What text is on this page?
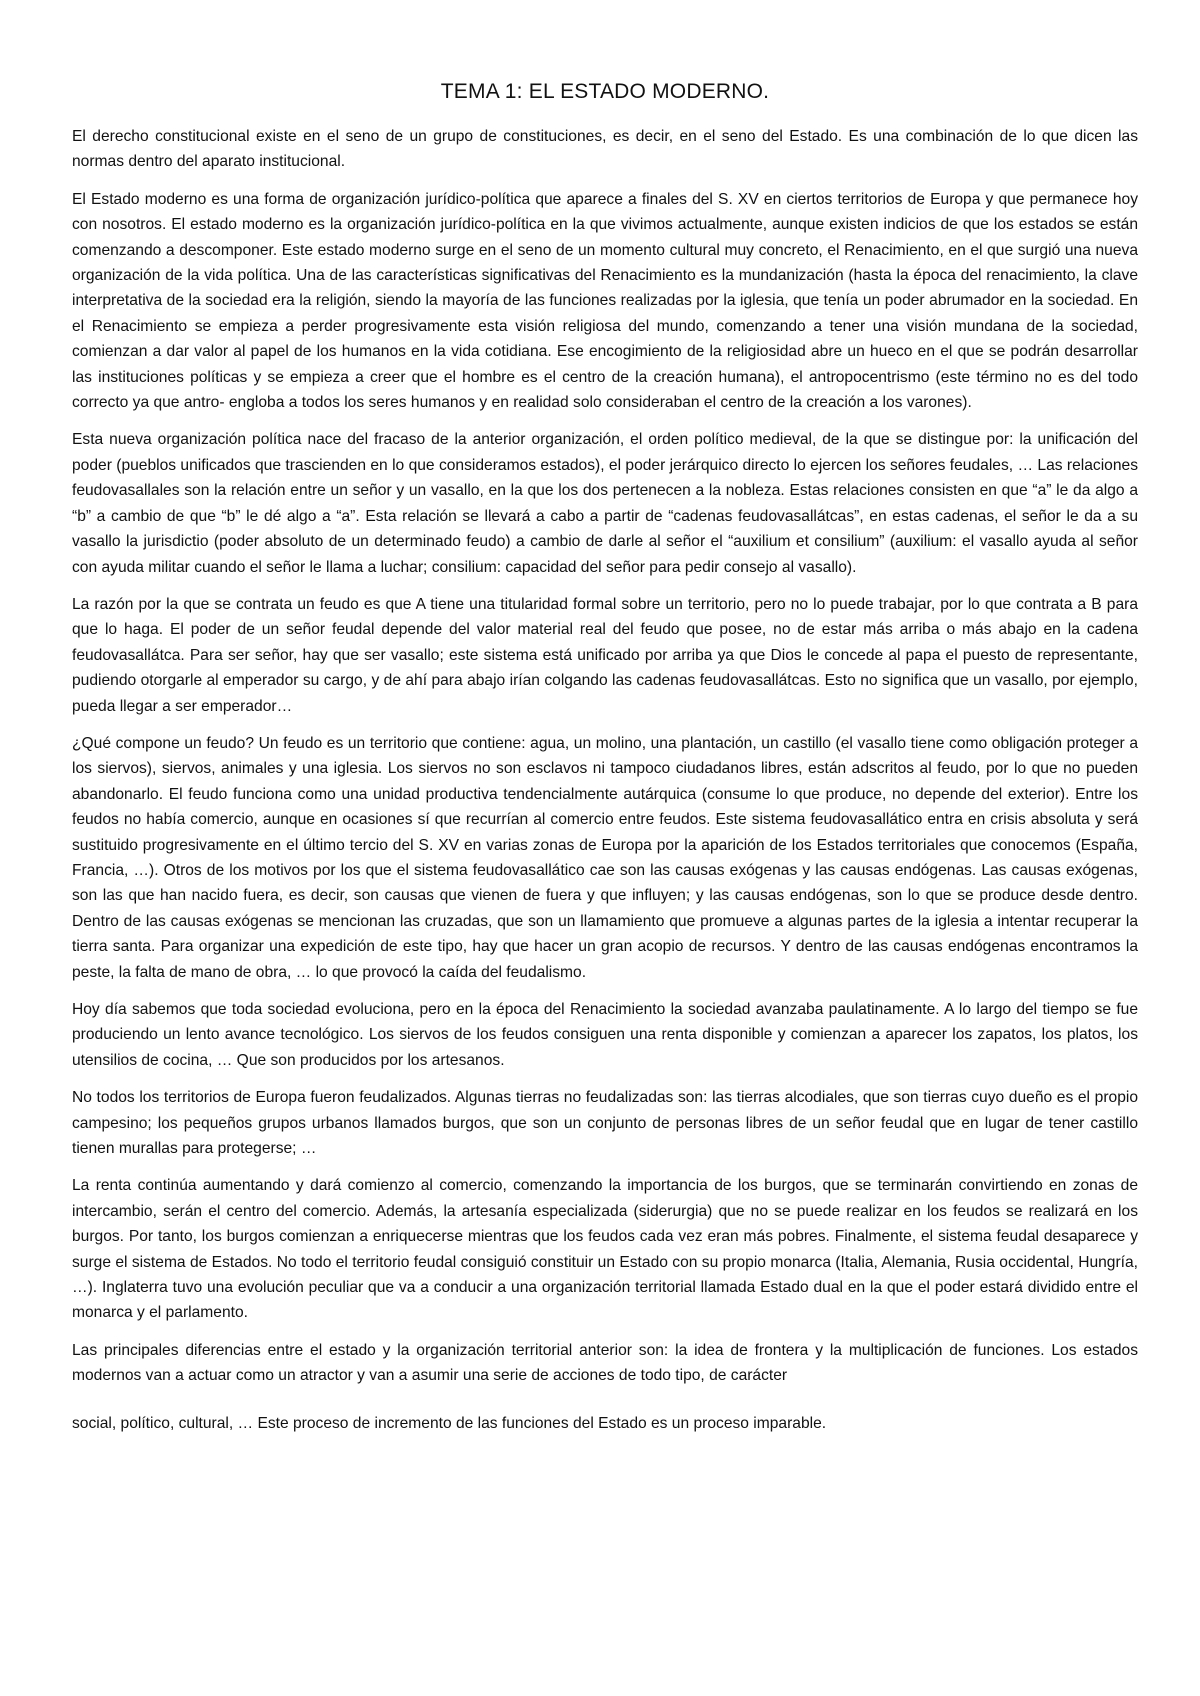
TEMA 1: EL ESTADO MODERNO.

El derecho constitucional existe en el seno de un grupo de constituciones, es decir, en el seno del Estado. Es una combinación de lo que dicen las normas dentro del aparato institucional.

El Estado moderno es una forma de organización jurídico-política que aparece a finales del S. XV en ciertos territorios de Europa y que permanece hoy con nosotros. El estado moderno es la organización jurídico-política en la que vivimos actualmente, aunque existen indicios de que los estados se están comenzando a descomponer. Este estado moderno surge en el seno de un momento cultural muy concreto, el Renacimiento, en el que surgió una nueva organización de la vida política. Una de las características significativas del Renacimiento es la mundanización (hasta la época del renacimiento, la clave interpretativa de la sociedad era la religión, siendo la mayoría de las funciones realizadas por la iglesia, que tenía un poder abrumador en la sociedad. En el Renacimiento se empieza a perder progresivamente esta visión religiosa del mundo, comenzando a tener una visión mundana de la sociedad, comienzan a dar valor al papel de los humanos en la vida cotidiana. Ese encogimiento de la religiosidad abre un hueco en el que se podrán desarrollar las instituciones políticas y se empieza a creer que el hombre es el centro de la creación humana), el antropocentrismo (este término no es del todo correcto ya que antro- engloba a todos los seres humanos y en realidad solo consideraban el centro de la creación a los varones).

Esta nueva organización política nace del fracaso de la anterior organización, el orden político medieval, de la que se distingue por: la unificación del poder (pueblos unificados que trascienden en lo que consideramos estados), el poder jerárquico directo lo ejercen los señores feudales, … Las relaciones feudovasallales son la relación entre un señor y un vasallo, en la que los dos pertenecen a la nobleza. Estas relaciones consisten en que “a” le da algo a “b” a cambio de que “b” le dé algo a “a”. Esta relación se llevará a cabo a partir de “cadenas feudovasallátcas”, en estas cadenas, el señor le da a su vasallo la jurisdictio (poder absoluto de un determinado feudo) a cambio de darle al señor el “auxilium et consilium” (auxilium: el vasallo ayuda al señor con ayuda militar cuando el señor le llama a luchar; consilium: capacidad del señor para pedir consejo al vasallo).

La razón por la que se contrata un feudo es que A tiene una titularidad formal sobre un territorio, pero no lo puede trabajar, por lo que contrata a B para que lo haga. El poder de un señor feudal depende del valor material real del feudo que posee, no de estar más arriba o más abajo en la cadena feudovasallátca. Para ser señor, hay que ser vasallo; este sistema está unificado por arriba ya que Dios le concede al papa el puesto de representante, pudiendo otorgarle al emperador su cargo, y de ahí para abajo irían colgando las cadenas feudovasallátcas. Esto no significa que un vasallo, por ejemplo, pueda llegar a ser emperador…

¿Qué compone un feudo? Un feudo es un territorio que contiene: agua, un molino, una plantación, un castillo (el vasallo tiene como obligación proteger a los siervos), siervos, animales y una iglesia. Los siervos no son esclavos ni tampoco ciudadanos libres, están adscritos al feudo, por lo que no pueden abandonarlo. El feudo funciona como una unidad productiva tendencialmente autárquica (consume lo que produce, no depende del exterior). Entre los feudos no había comercio, aunque en ocasiones sí que recurrían al comercio entre feudos. Este sistema feudovasallático entra en crisis absoluta y será sustituido progresivamente en el último tercio del S. XV en varias zonas de Europa por la aparición de los Estados territoriales que conocemos (España, Francia, …). Otros de los motivos por los que el sistema feudovasallático cae son las causas exógenas y las causas endógenas. Las causas exógenas, son las que han nacido fuera, es decir, son causas que vienen de fuera y que influyen; y las causas endógenas, son lo que se produce desde dentro. Dentro de las causas exógenas se mencionan las cruzadas, que son un llamamiento que promueve a algunas partes de la iglesia a intentar recuperar la tierra santa. Para organizar una expedición de este tipo, hay que hacer un gran acopio de recursos. Y dentro de las causas endógenas encontramos la peste, la falta de mano de obra, … lo que provocó la caída del feudalismo.

Hoy día sabemos que toda sociedad evoluciona, pero en la época del Renacimiento la sociedad avanzaba paulatinamente. A lo largo del tiempo se fue produciendo un lento avance tecnológico. Los siervos de los feudos consiguen una renta disponible y comienzan a aparecer los zapatos, los platos, los utensilios de cocina, … Que son producidos por los artesanos.

No todos los territorios de Europa fueron feudalizados. Algunas tierras no feudalizadas son: las tierras alcodiales, que son tierras cuyo dueño es el propio campesino; los pequeños grupos urbanos llamados burgos, que son un conjunto de personas libres de un señor feudal que en lugar de tener castillo tienen murallas para protegerse; …

La renta continúa aumentando y dará comienzo al comercio, comenzando la importancia de los burgos, que se terminarán convirtiendo en zonas de intercambio, serán el centro del comercio. Además, la artesanía especializada (siderurgia) que no se puede realizar en los feudos se realizará en los burgos. Por tanto, los burgos comienzan a enriquecerse mientras que los feudos cada vez eran más pobres. Finalmente, el sistema feudal desaparece y surge el sistema de Estados. No todo el territorio feudal consiguió constituir un Estado con su propio monarca (Italia, Alemania, Rusia occidental, Hungría, …). Inglaterra tuvo una evolución peculiar que va a conducir a una organización territorial llamada Estado dual en la que el poder estará dividido entre el monarca y el parlamento.

Las principales diferencias entre el estado y la organización territorial anterior son: la idea de frontera y la multiplicación de funciones. Los estados modernos van a actuar como un atractor y van a asumir una serie de acciones de todo tipo, de carácter

social, político, cultural, … Este proceso de incremento de las funciones del Estado es un proceso imparable.
